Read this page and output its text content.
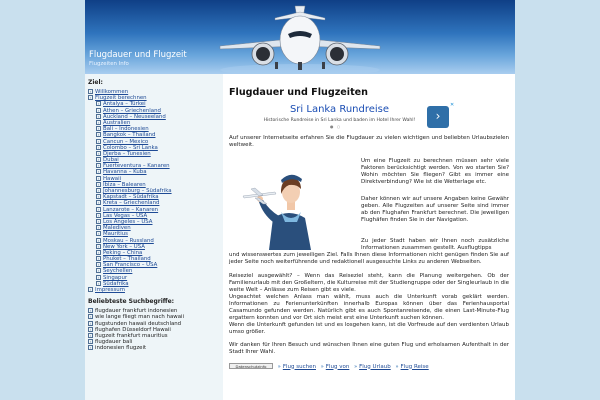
Flugdauer und Flugzeit
Flugzeiten Info
Ziel:
› Willkommen
› Flugzeit berechnen
› Antalya – Türkei
› Athen – Griechenland
› Auckland – Neuseeland
› Australien
› Bali – Indonesien
› Bangkok – Thailand
› Cancun – Mexico
› Colombo – Sri Lanka
› Djerba – Tunesien
› Dubai
› Fuerteventura – Kanaren
› Havanna – Kuba
› Hawaii
› Ibiza – Balearen
› Johannesburg – Südafrika
› Kapstadt – Südafrika
› Kreta – Griechenland
› Lanzarote – Kanaren
› Las Vegas – USA
› Los Angeles – USA
› Malediven
› Mauritius
› Moskau – Russland
› New York – USA
› Peking – China
› Phuket – Thailand
› San Francisco – USA
› Seychellen
› Singapur
› Südafrika
› Impressum
Beliebteste Suchbegriffe:
› flugdauer frankfurt indonesien
› wie lange fliegt man nach hawaii
› flugstunden hawaii deutschland
› flughafen Düsseldorf Hawaii
› flugzeit frankfurt mauritius
› flugdauer bali
› indonesien flugzeit
Flugdauer und Flugzeiten
Sri Lanka Rundreise
Historische Rundreise in Sri Lanka und baden im Hotel Ihrer Wahl!
● ○
›
✕
Auf unserer Internetseite erfahren Sie die Flugdauer zu vielen wichtigen und beliebten Urlaubszielen weltweit.
Um eine Flugzeit zu berechnen müssen sehr viele Faktoren berücksichtigt werden. Von wo starten Sie? Wohin möchten Sie fliegen? Gibt es immer eine Direktverbindung? Wie ist die Wetterlage etc.
Daher können wir auf unsere Angaben keine Gewähr geben. Alle Flugzeiten auf unserer Seite sind immer ab den Flughafen Frankfurt berechnet. Die jeweiligen Flughäfen finden Sie in der Navigation.
Zu jeder Stadt haben wir Ihnen noch zusätzliche Informationen zusammen gestellt. Ausflugtipps
und wissenswertes zum jeweiligen Ziel. Falls Ihnen diese Informationen nicht genügen finden Sie auf jeder Seite noch weiterführende und redaktionell ausgesuchte Links zu anderen Webseiten.
Reiseziel ausgewählt? – Wenn das Reiseziel steht, kann die Planung weitergehen. Ob der Familienurlaub mit den Großeltern, die Kulturreise mit der Studiengruppe oder der Singleurlaub in die weite Welt – Anlässe zum Reisen gibt es viele.
Ungeachtet welchen Anlass man wählt, muss auch die Unterkunft vorab geklärt werden. Informationen zu Ferienunterkünften innerhalb Europas können über das Ferienhausportal Casamundo gefunden werden. Natürlich gibt es auch Spontanreisende, die einen Last-Minute-Flug ergattern konnten und vor Ort sich meist erst eine Unterkunft suchen können.
Wenn die Unterkunft gefunden ist und es losgehen kann, ist die Vorfreude auf den verdienten Urlaub umso größer.
Wir danken für Ihren Besuch und wünschen Ihnen eine guten Flug und erholsamen Aufenthalt in der Stadt Ihrer Wahl.
Datenschutzinfo » Flug suchen » Flug von » Flug Urlaub » Flug Reise
